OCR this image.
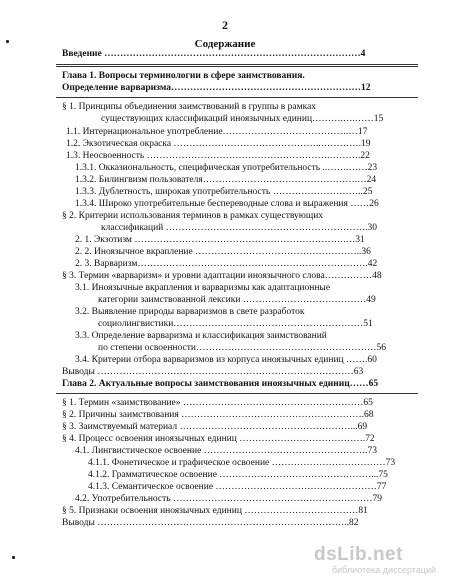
2
Содержание
Введение ………………………………………………………………………4
Глава 1. Вопросы терминологии в сфере заимствования.
Определение варваризма……………………………………………………12
§ 1. Принципы объединения заимствований в группы в рамках
существующих классификаций иноязычных единиц……….….……15
1.1. Интернациональное употребление………………………………….…17
1.2. Экзотическая окраска ………………………………………..………….19
1.3. Неосвоенность ………………………………………………….……….22
1.3.1. Окказиональность, специфическая употребительность ..…….……23
1.3.2. Билингвизм пользователя………………………………………….…24
1.3.3. Дублетность, широкая употребительность ………………………..25
1.3.4. Широко употребительные беспереводные слова и выражения ……26
§ 2. Критерии использования терминов в рамках существующих
классификаций ……………………………………………………….30
2. 1. Экзотизм ………………………………………………………….…31
2. 2. Иноязычное вкрапление ……………………………………………..36
2. 3. Варваризм……………………………………………………………….42
§ 3. Термин «варваризм» и уровни адаптации иноязычного слова……………48
3.1. Иноязычные вкрапления и варваризмы как адаптационные
категории заимствованной лексики …………………………………49
3.2. Выявление природы варваризмов в свете разработок
социолингвистики……………………………………………………51
3.3. Определение варваризма и классификация заимствований
по степени освоенности…………………………………………………56
3.4. Критерии отбора варваризмов из корпуса иноязычных единиц …….60
Выводы ………………………………………………………………………63
Глава 2. Актуальные вопросы заимствования иноязычных единиц……65
§ 1. Термин «заимствование» …………………………………………………65
§ 2. Причины заимствования ………………………………………………….68
§ 3. Заимствуемый материал ………………………………………………...69
§ 4. Процесс освоения иноязычных единиц ………………………………….72
4.1. Лингвистическое освоение …………………………………………….73
4.1.1. Фонетическое и графическое освоение ………………………………73
4.1.2. Грамматическое освоение …………………………………………...75
4.1.3. Семантическое освоение ……………………………………………77
4.2. Употребительность ………………………………………………………79
§ 5. Признаки освоения иноязычных единиц ………………………………81
Выводы ……………………………………………………………………..82
dsLib.net
библиотека диссертаций
